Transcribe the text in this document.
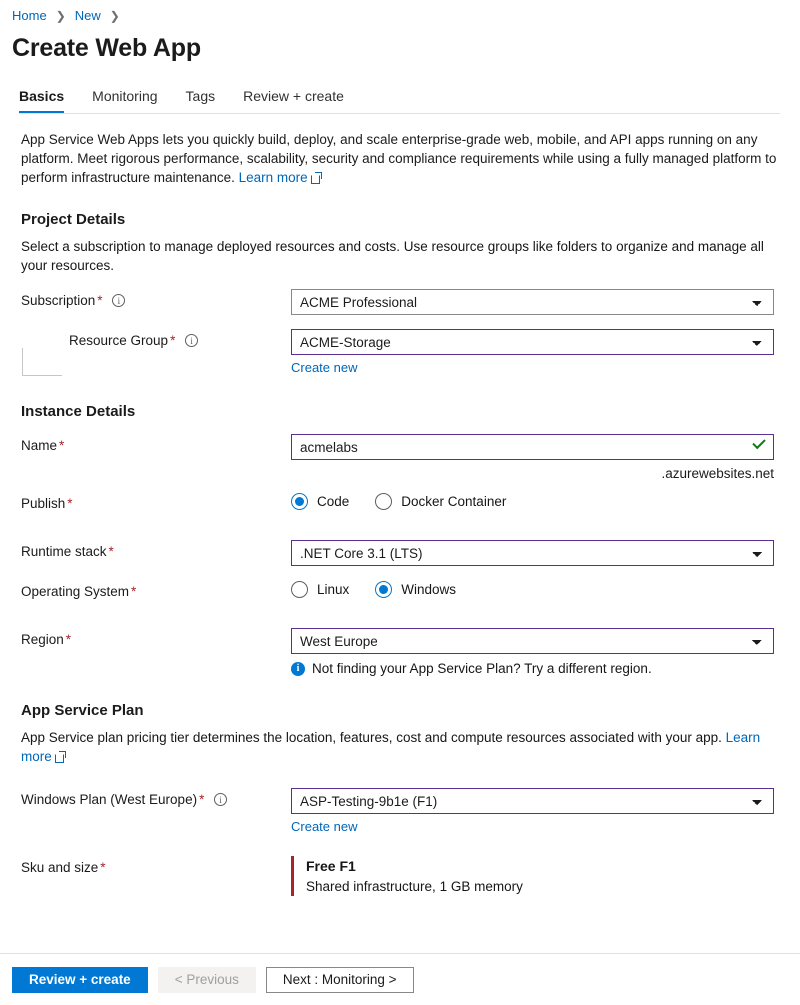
Home ❯ New ❯
Create Web App
Basics Monitoring Tags Review + create
App Service Web Apps lets you quickly build, deploy, and scale enterprise-grade web, mobile, and API apps running on any platform. Meet rigorous performance, scalability, security and compliance requirements while using a fully managed platform to perform infrastructure maintenance. Learn more
Project Details
Select a subscription to manage deployed resources and costs. Use resource groups like folders to organize and manage all your resources.
Subscription * i
ACME Professional
Resource Group * i
ACME-Storage
Create new
Instance Details
Name *
acmelabs
.azurewebsites.net
Publish *	Code	Docker Container
Runtime stack *
.NET Core 3.1 (LTS)
Operating System *	Linux	Windows
Region *
West Europe
i Not finding your App Service Plan? Try a different region.
App Service Plan
App Service plan pricing tier determines the location, features, cost and compute resources associated with your app. Learn more
Windows Plan (West Europe) * i
ASP-Testing-9b1e (F1)
Create new
Sku and size *	Free F1
Shared infrastructure, 1 GB memory
Review + create	< Previous	Next : Monitoring >
